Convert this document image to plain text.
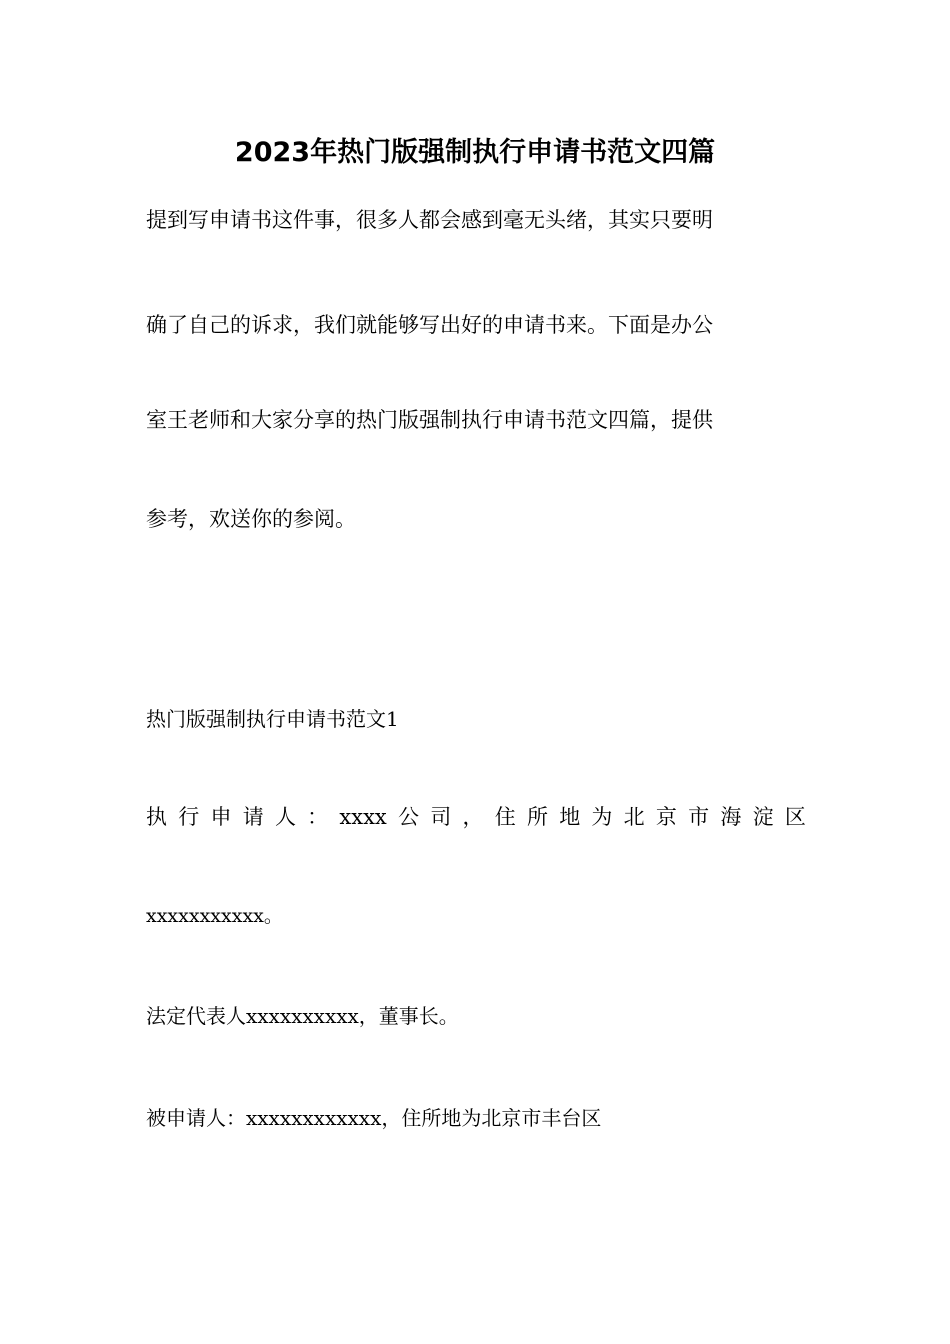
2023年热门版强制执行申请书范文四篇
提到写申请书这件事，很多人都会感到毫无头绪，其实只要明
确了自己的诉求，我们就能够写出好的申请书来。下面是办公
室王老师和大家分享的热门版强制执行申请书范文四篇，提供
参考，欢送你的参阅。
热门版强制执行申请书范文1
执 行 申 请 人 ： xxxx 公 司 ， 住 所 地 为 北 京 市 海 淀 区
xxxxxxxxxxx。
法定代表人xxxxxxxxxx，董事长。
被申请人：xxxxxxxxxxxx，住所地为北京市丰台区
